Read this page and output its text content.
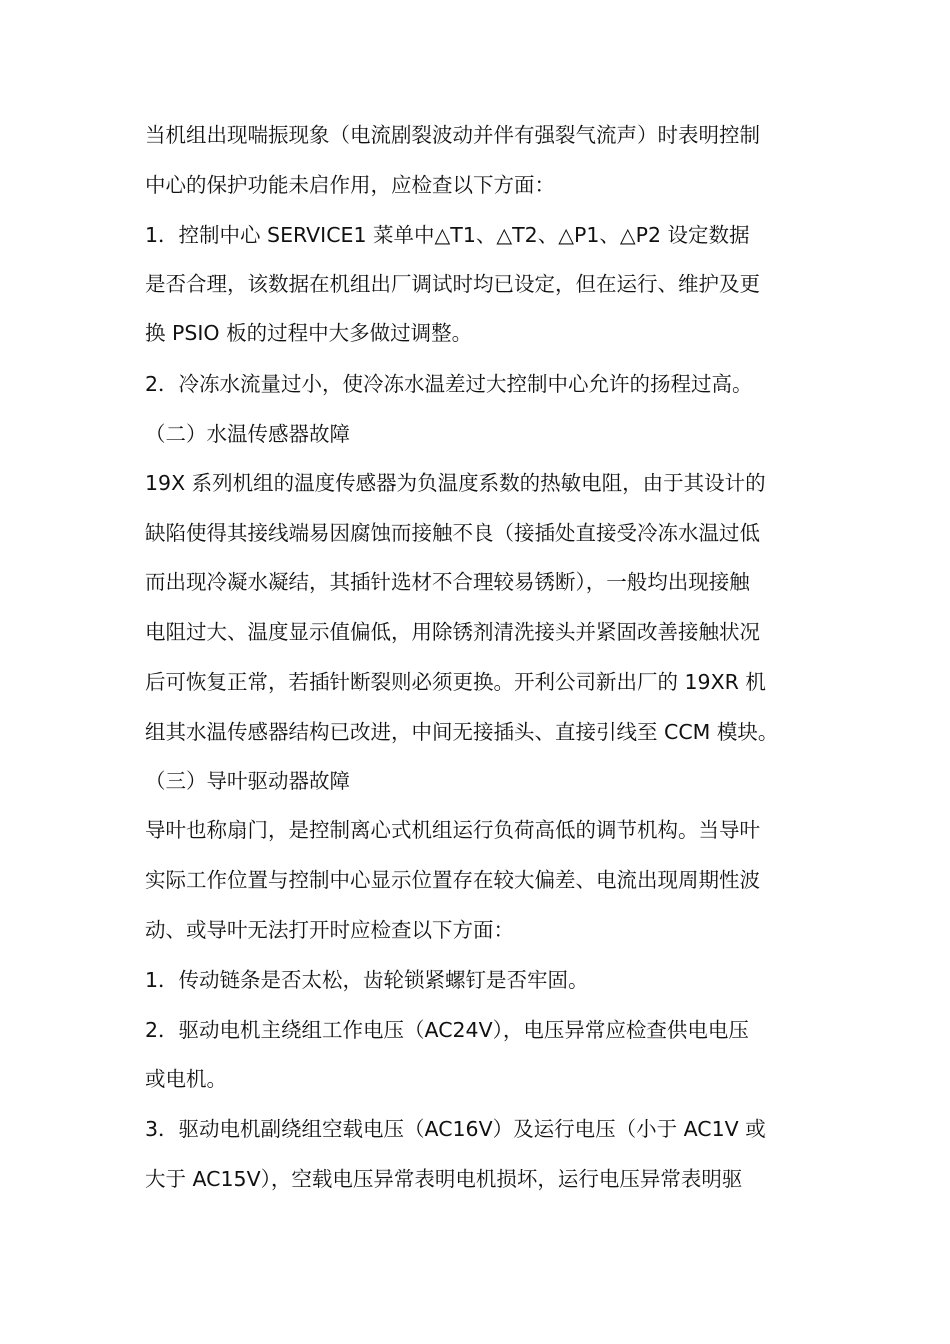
当机组出现喘振现象（电流剧裂波动并伴有强裂气流声）时表明控制
中心的保护功能未启作用，应检查以下方面：
1．控制中心 SERVICE1 菜单中△T1、△T2、△P1、△P2 设定数据
是否合理，该数据在机组出厂调试时均已设定，但在运行、维护及更
换 PSIO 板的过程中大多做过调整。
2．冷冻水流量过小，使冷冻水温差过大控制中心允许的扬程过高。
（二）水温传感器故障
19X 系列机组的温度传感器为负温度系数的热敏电阻，由于其设计的
缺陷使得其接线端易因腐蚀而接触不良（接插处直接受冷冻水温过低
而出现冷凝水凝结，其插针选材不合理较易锈断），一般均出现接触
电阻过大、温度显示值偏低，用除锈剂清洗接头并紧固改善接触状况
后可恢复正常，若插针断裂则必须更换。开利公司新出厂的 19XR 机
组其水温传感器结构已改进，中间无接插头、直接引线至 CCM 模块。
（三）导叶驱动器故障
导叶也称扇门，是控制离心式机组运行负荷高低的调节机构。当导叶
实际工作位置与控制中心显示位置存在较大偏差、电流出现周期性波
动、或导叶无法打开时应检查以下方面：
1．传动链条是否太松，齿轮锁紧螺钉是否牢固。
2．驱动电机主绕组工作电压（AC24V），电压异常应检查供电电压
或电机。
3．驱动电机副绕组空载电压（AC16V）及运行电压（小于 AC1V 或
大于 AC15V），空载电压异常表明电机损坏，运行电压异常表明驱
